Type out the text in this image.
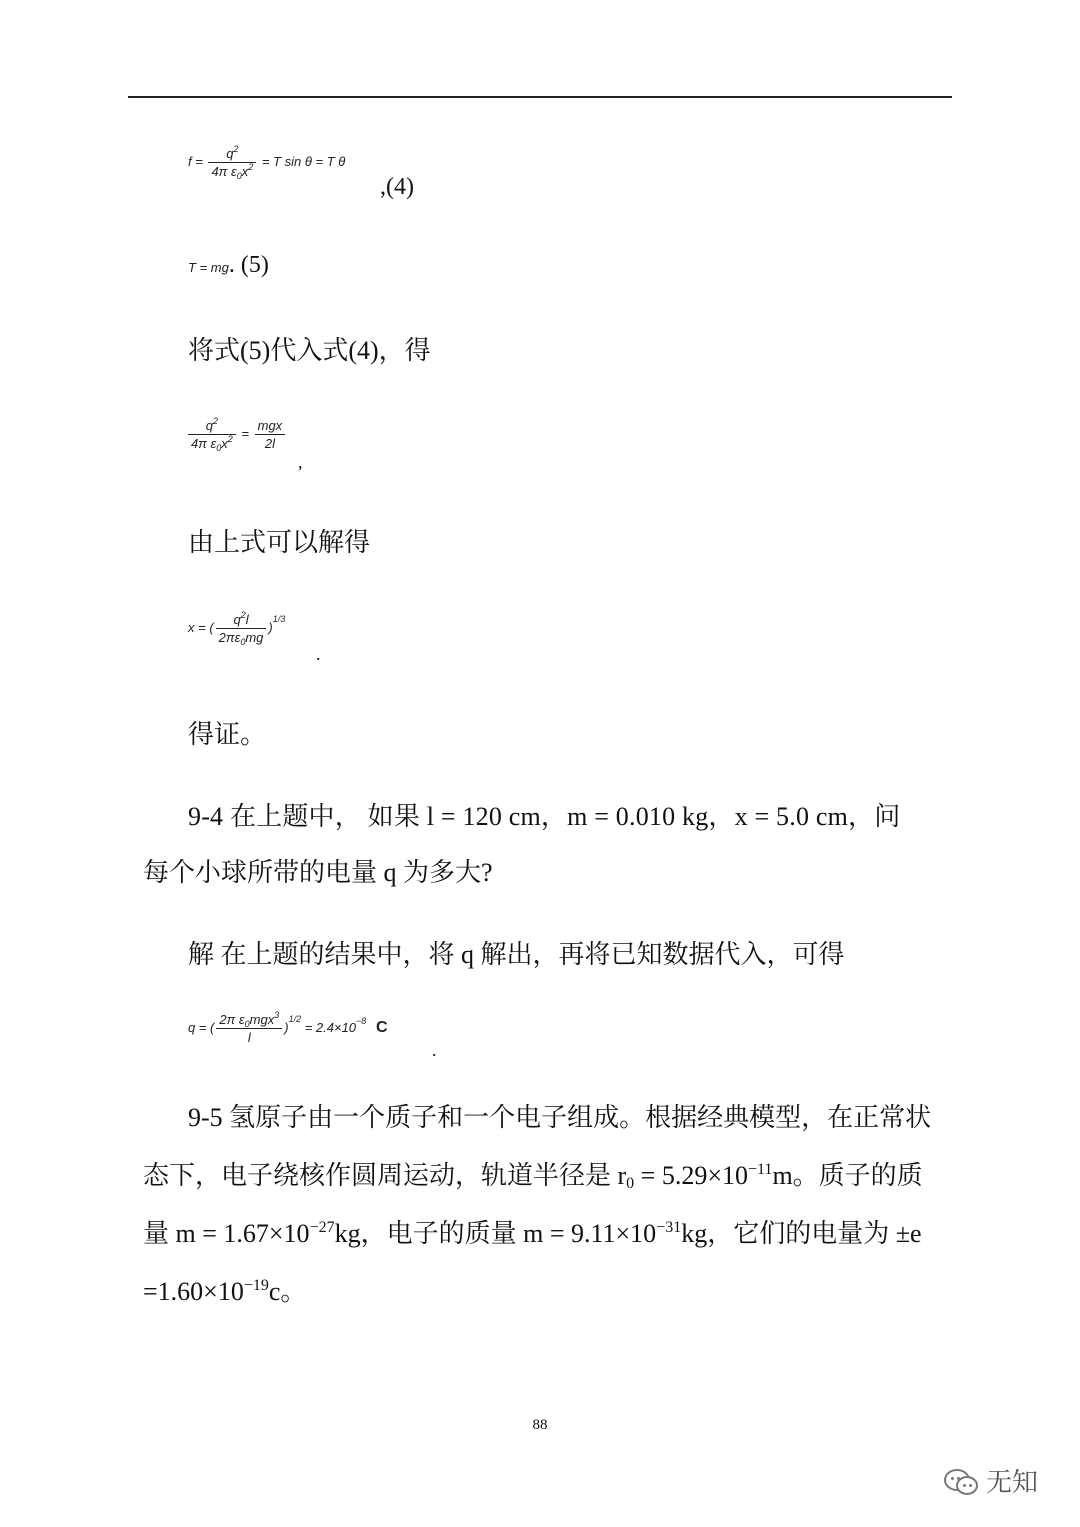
$f = \frac{q^2}{4\pi \varepsilon_0x^2} = T$ sin θ = T θ
,(4)
T = mg. (5)
将式(5)代入式(4)，得
$\frac{q^2}{4\pi \varepsilon_0x^2} = \frac{\text{mgx}}{2l}$
,
由上式可以解得
x = ( $\frac{q^2l}{2\pi\varepsilon_0mg} )^{1/3}$
.
得证。
9-4 在上题中， 如果 l = 120 cm，m = 0.010 kg，x = 5.0 cm，问
每个小球所带的电量 q 为多大?
解 在上题的结果中，将 q 解出，再将已知数据代入，可得
q = ( $\frac{2\pi \varepsilon_0mgx^3}{l} )^{1/2} = 2.4\times 10^{-8}$ C
.
9-5 氢原子由一个质子和一个电子组成。根据经典模型，在正常状态下，电子绕核作圆周运动，轨道半径是 $r_0 = 5.29\times 10^{-11}m$。质子的质量 $m = 1.67\times 10^{-27}kg$，电子的质量 $m = 9.11\times 10^{-31}kg$，它们的电量为 $\pm e =1.60\times 10^{-19}c$。
88
无知
